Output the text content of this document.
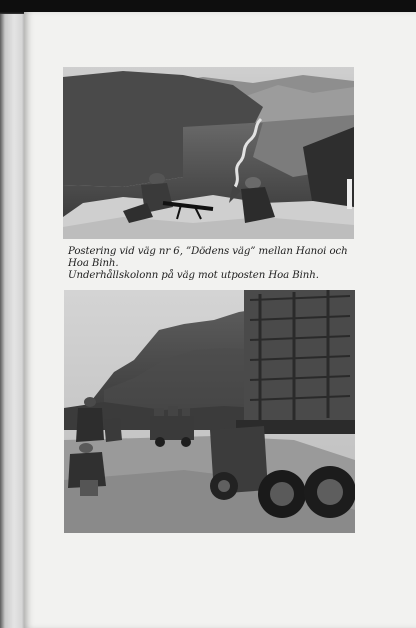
Postering vid väg nr 6, ”Dödens väg” mellan Hanoi och Hoa Binh.
Underhållskolonn på väg mot utposten Hoa Binh.
